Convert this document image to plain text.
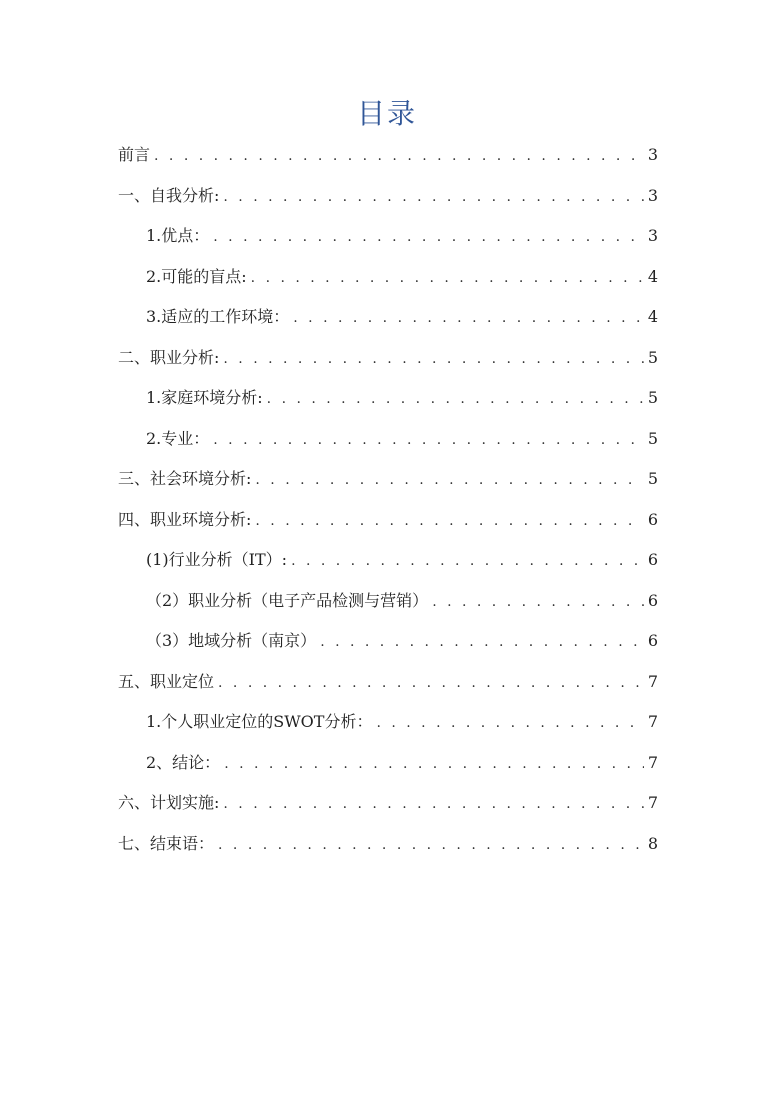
目录
前言 . . .	3
一、自我分析: . . .	3
1.优点： . . .	3
2.可能的盲点: . . .	4
3.适应的工作环境： . . .	4
二、职业分析: . . .	5
1.家庭环境分析: . . .	5
2.专业： . . .	5
三、社会环境分析: . . .	5
四、职业环境分析: . . .	6
(1)行业分析（IT）: . . .	6
（2）职业分析（电子产品检测与营销） . . .	6
（3）地域分析（南京） . . .	6
五、职业定位 . . .	7
1.个人职业定位的SWOT分析： . . .	7
2、结论： . . .	7
六、计划实施: . . .	7
七、结束语： . . .	8
